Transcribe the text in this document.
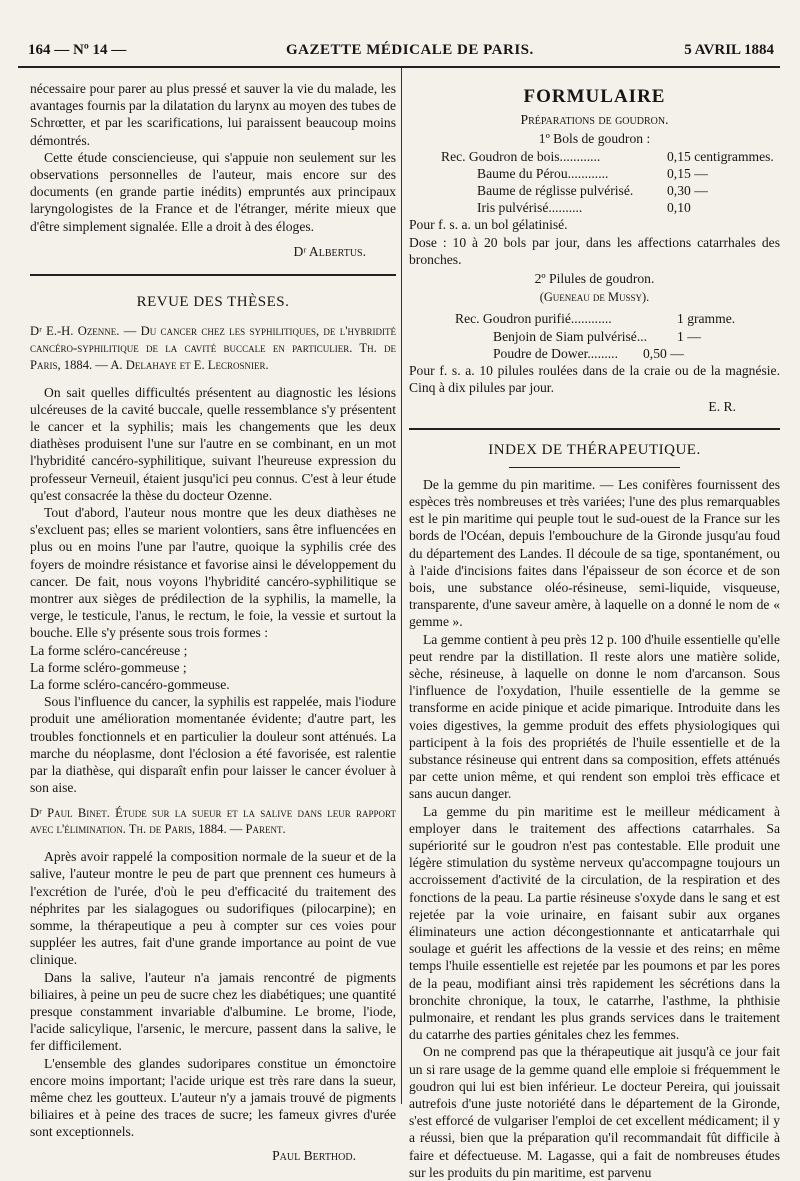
164 — Nº 14 —	GAZETTE MÉDICALE DE PARIS.	5 AVRIL 1884

nécessaire pour parer au plus pressé et sauver la vie du malade, les avantages fournis par la dilatation du larynx au moyen des tubes de Schrœtter, et par les scarifications, lui paraissent beaucoup moins démontrés.

Cette étude consciencieuse, qui s'appuie non seulement sur les observations personnelles de l'auteur, mais encore sur des documents (en grande partie inédits) empruntés aux principaux laryngologistes de la France et de l'étranger, mérite mieux que d'être simplement signalée. Elle a droit à des éloges.

Dʳ Albertus.

REVUE DES THÈSES.

Dʳ E.-H. Ozenne. — Du cancer chez les syphilitiques, de l'hybridité cancéro-syphilitique de la cavité buccale en particulier. Th. de Paris, 1884. — A. Delahaye et E. Lecrosnier.

On sait quelles difficultés présentent au diagnostic les lésions ulcéreuses de la cavité buccale, quelle ressemblance s'y présentent le cancer et la syphilis; mais les changements que les deux diathèses produisent l'une sur l'autre en se combinant, en un mot l'hybridité cancéro-syphilitique, suivant l'heureuse expression du professeur Verneuil, étaient jusqu'ici peu connus. C'est à leur étude qu'est consacrée la thèse du docteur Ozenne.

Tout d'abord, l'auteur nous montre que les deux diathèses ne s'excluent pas; elles se marient volontiers, sans être influencées en plus ou en moins l'une par l'autre, quoique la syphilis crée des foyers de moindre résistance et favorise ainsi le développement du cancer. De fait, nous voyons l'hybridité cancéro-syphilitique se montrer aux sièges de prédilection de la syphilis, la mamelle, la verge, le testicule, l'anus, le rectum, le foie, la vessie et surtout la bouche. Elle s'y présente sous trois formes :

La forme scléro-cancéreuse ;

La forme scléro-gommeuse ;

La forme scléro-cancéro-gommeuse.

Sous l'influence du cancer, la syphilis est rappelée, mais l'iodure produit une amélioration momentanée évidente; d'autre part, les troubles fonctionnels et en particulier la douleur sont atténués. La marche du néoplasme, dont l'éclosion a été favorisée, est ralentie par la diathèse, qui disparaît enfin pour laisser le cancer évoluer à son aise.

Dʳ Paul Binet. Étude sur la sueur et la salive dans leur rapport avec l'élimination. Th. de Paris, 1884. — Parent.

Après avoir rappelé la composition normale de la sueur et de la salive, l'auteur montre le peu de part que prennent ces humeurs à l'excrétion de l'urée, d'où le peu d'efficacité du traitement des néphrites par les sialagogues ou sudorifiques (pilocarpine); en somme, la thérapeutique a peu à compter sur ces voies pour suppléer les autres, fait d'une grande importance au point de vue clinique.

Dans la salive, l'auteur n'a jamais rencontré de pigments biliaires, à peine un peu de sucre chez les diabétiques; une quantité presque constamment invariable d'albumine. Le brome, l'iode, l'acide salicylique, l'arsenic, le mercure, passent dans la salive, le fer difficilement.

L'ensemble des glandes sudoripares constitue un émonctoire encore moins important; l'acide urique est très rare dans la sueur, même chez les goutteux. L'auteur n'y a jamais trouvé de pigments biliaires et à peine des traces de sucre; les fameux givres d'urée sont exceptionnels.

Paul Berthod.

FORMULAIRE

Préparations de goudron.

1º Bols de goudron :

Rec. Goudron de bois............	0,15 centigrammes.
Baume du Pérou............	0,15 —
Baume de réglisse pulvérisé. 0,30 —
Iris pulvérisé..........	0,10

Pour f. s. a. un bol gélatinisé.

Dose : 10 à 20 bols par jour, dans les affections catarrhales des bronches.

2º Pilules de goudron.

(Gueneau de Mussy).

Rec. Goudron purifié............	1 gramme.
Benjoin de Siam pulvérisé... 1 —
Poudre de Dower......... 0,50 —

Pour f. s. a. 10 pilules roulées dans de la craie ou de la magnésie. Cinq à dix pilules par jour.

E. R.

INDEX DE THÉRAPEUTIQUE.

De la gemme du pin maritime. — Les conifères fournissent des espèces très nombreuses et très variées; l'une des plus remarquables est le pin maritime qui peuple tout le sud-ouest de la France sur les bords de l'Océan, depuis l'embouchure de la Gironde jusqu'au foud du département des Landes. Il découle de sa tige, spontanément, ou à l'aide d'incisions faites dans l'épaisseur de son écorce et de son bois, une substance oléo-résineuse, semi-liquide, visqueuse, transparente, d'une saveur amère, à laquelle on a donné le nom de « gemme ».

La gemme contient à peu près 12 p. 100 d'huile essentielle qu'elle peut rendre par la distillation. Il reste alors une matière solide, sèche, résineuse, à laquelle on donne le nom d'arcanson. Sous l'influence de l'oxydation, l'huile essentielle de la gemme se transforme en acide pinique et acide pimarique. Introduite dans les voies digestives, la gemme produit des effets physiologiques qui participent à la fois des propriétés de l'huile essentielle et de la substance résineuse qui entrent dans sa composition, effets atténués par cette union même, et qui rendent son emploi très efficace et sans aucun danger.

La gemme du pin maritime est le meilleur médicament à employer dans le traitement des affections catarrhales. Sa supériorité sur le goudron n'est pas contestable. Elle produit une légère stimulation du système nerveux qu'accompagne toujours un accroissement d'activité de la circulation, de la respiration et des fonctions de la peau. La partie résineuse s'oxyde dans le sang et est rejetée par la voie urinaire, en faisant subir aux organes éliminateurs une action décongestionnante et anticatarrhale qui soulage et guérit les affections de la vessie et des reins; en même temps l'huile essentielle est rejetée par les poumons et par les pores de la peau, modifiant ainsi très rapidement les sécrétions dans la bronchite chronique, la toux, le catarrhe, l'asthme, la phthisie pulmonaire, et rendant les plus grands services dans le traitement du catarrhe des parties génitales chez les femmes.

On ne comprend pas que la thérapeutique ait jusqu'à ce jour fait un si rare usage de la gemme quand elle emploie si fréquemment le goudron qui lui est bien inférieur. Le docteur Pereira, qui jouissait autrefois d'une juste notoriété dans le département de la Gironde, s'est efforcé de vulgariser l'emploi de cet excellent médicament; il y a réussi, bien que la préparation qu'il recommandait fût difficile à faire et défectueuse. M. Lagasse, qui a fait de nombreuses études sur les produits du pin maritime, est parvenu
